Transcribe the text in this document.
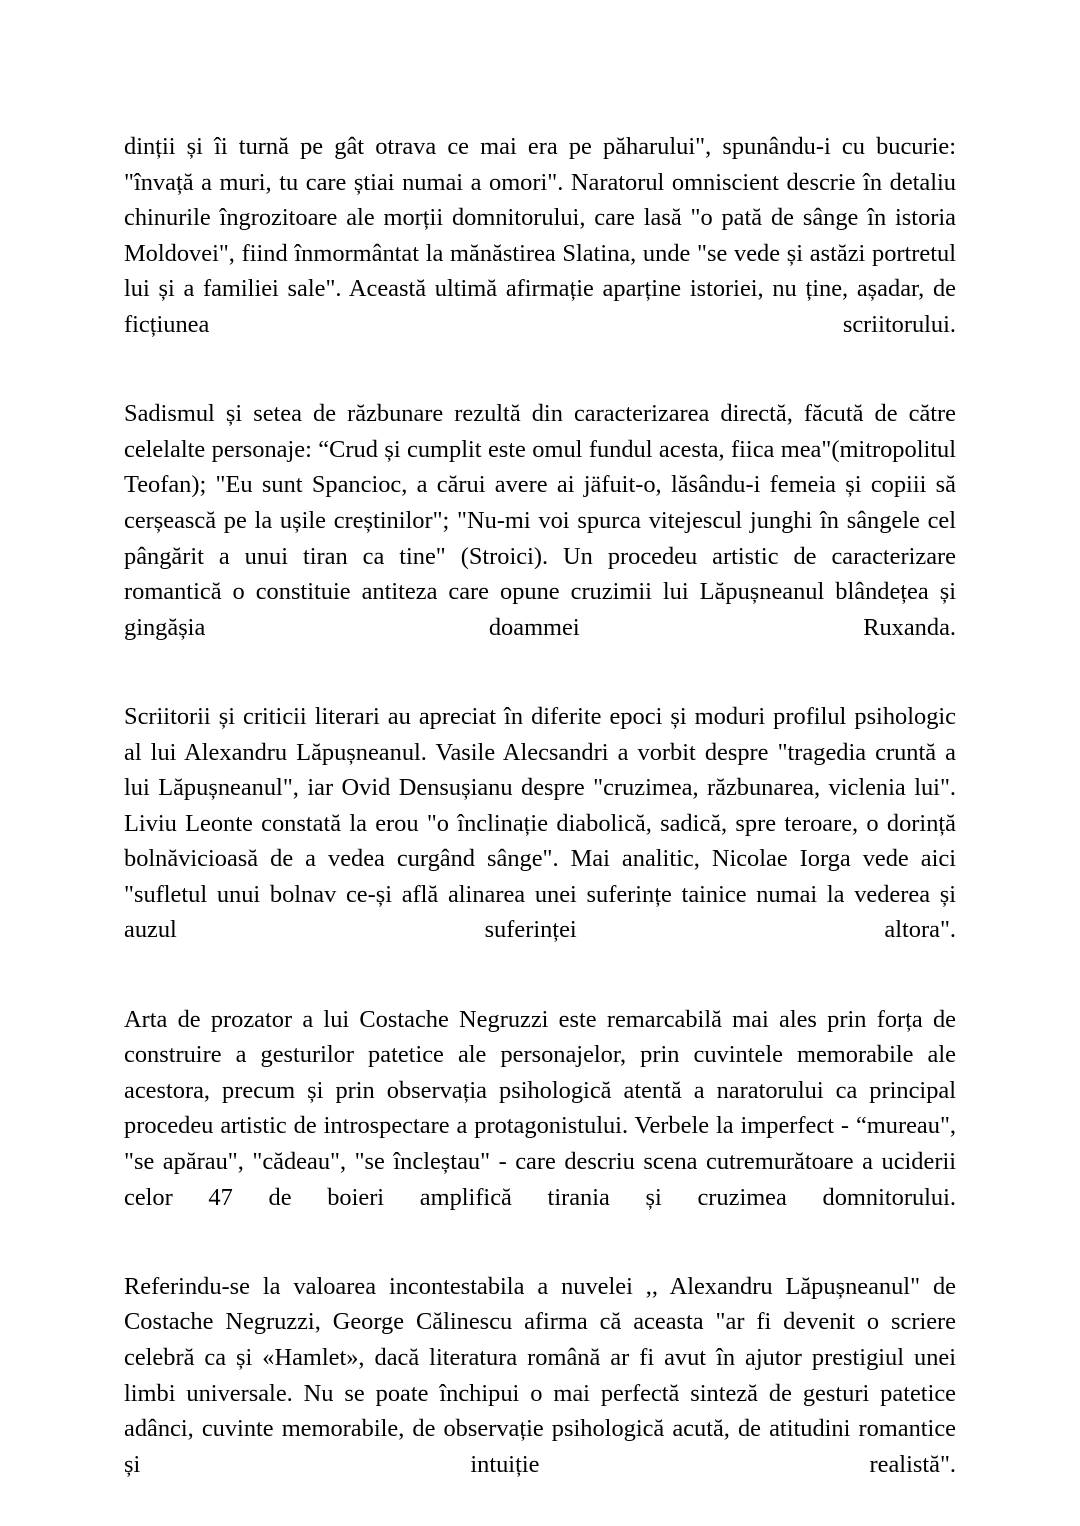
dinții și îi turnă pe gât otrava ce mai era pe păharului", spunându-i cu bucurie: "învață a muri, tu care știai numai a omori". Naratorul omniscient descrie în detaliu chinurile îngrozitoare ale morții domnitorului, care lasă "o pată de sânge în istoria Moldovei", fiind înmormântat la mănăstirea Slatina, unde "se vede și astăzi portretul lui și a familiei sale". Această ultimă afirmație aparține istoriei, nu ține, așadar, de ficțiunea scriitorului.

Sadismul și setea de răzbunare rezultă din caracterizarea directă, făcută de către celelalte personaje: “Crud și cumplit este omul fundul acesta, fiica mea"(mitropolitul Teofan); "Eu sunt Spancioc, a cărui avere ai jäfuit-o, lăsându-i femeia și copiii să cerșească pe la ușile creștinilor"; "Nu-mi voi spurca vitejescul junghi în sângele cel pângărit a unui tiran ca tine" (Stroici). Un procedeu artistic de caracterizare romantică o constituie antiteza care opune cruzimii lui Lăpușneanul blândețea și gingășia doammei Ruxanda.

Scriitorii și criticii literari au apreciat în diferite epoci și moduri profilul psihologic al lui Alexandru Lăpușneanul. Vasile Alecsandri a vorbit despre "tragedia cruntă a lui Lăpușneanul", iar Ovid Densușianu despre "cruzimea, răzbunarea, viclenia lui". Liviu Leonte constată la erou "o înclinație diabolică, sadică, spre teroare, o dorință bolnăvicioasă de a vedea curgând sânge". Mai analitic, Nicolae Iorga vede aici "sufletul unui bolnav ce-și află alinarea unei suferințe tainice numai la vederea și auzul suferinței altora".

Arta de prozator a lui Costache Negruzzi este remarcabilă mai ales prin forța de construire a gesturilor patetice ale personajelor, prin cuvintele memorabile ale acestora, precum și prin observația psihologică atentă a naratorului ca principal procedeu artistic de introspectare a protagonistului. Verbele la imperfect - “mureau", "se apărau", "cădeau", "se încleștau" - care descriu scena cutremurătoare a uciderii celor 47 de boieri amplifică tirania și cruzimea domnitorului.

Referindu-se la valoarea incontestabila a nuvelei ,, Alexandru Lăpușneanul" de Costache Negruzzi, George Călinescu afirma că aceasta "ar fi devenit o scriere celebră ca și «Hamlet», dacă literatura română ar fi avut în ajutor prestigiul unei limbi universale. Nu se poate închipui o mai perfectă sinteză de gesturi patetice adânci, cuvinte memorabile, de observație psihologică acută, de atitudini romantice și intuiție realistă".
